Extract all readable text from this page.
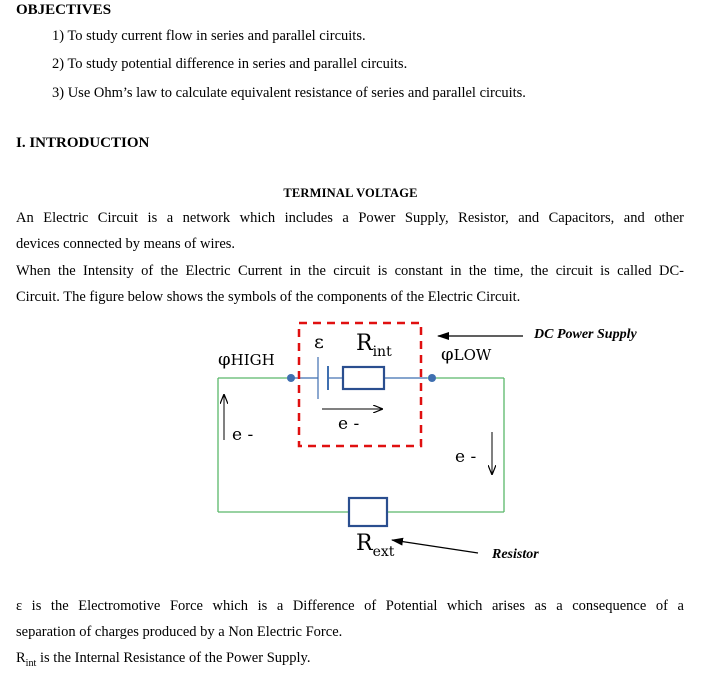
OBJECTIVES
1) To study current flow in series and parallel circuits.
2) To study potential difference in series and parallel circuits.
3) Use Ohm’s law to calculate equivalent resistance of series and parallel circuits.
I. INTRODUCTION
TERMINAL VOLTAGE
An Electric Circuit is a network which includes a Power Supply, Resistor, and Capacitors, and other
devices connected by means of wires.
When the Intensity of the Electric Current in the circuit is constant in the time, the circuit is called DC-
Circuit. The figure below shows the symbols of the components of the Electric Circuit.
φHIGH	φLOW
ε $R_{int}$
$R_{ext}$
e -
e -
e -
DC Power Supply
Resistor
ε is the Electromotive Force which is a Difference of Potential which arises as a consequence of a
separation of charges produced by a Non Electric Force.
$R_{int}$ is the Internal Resistance of the Power Supply.
